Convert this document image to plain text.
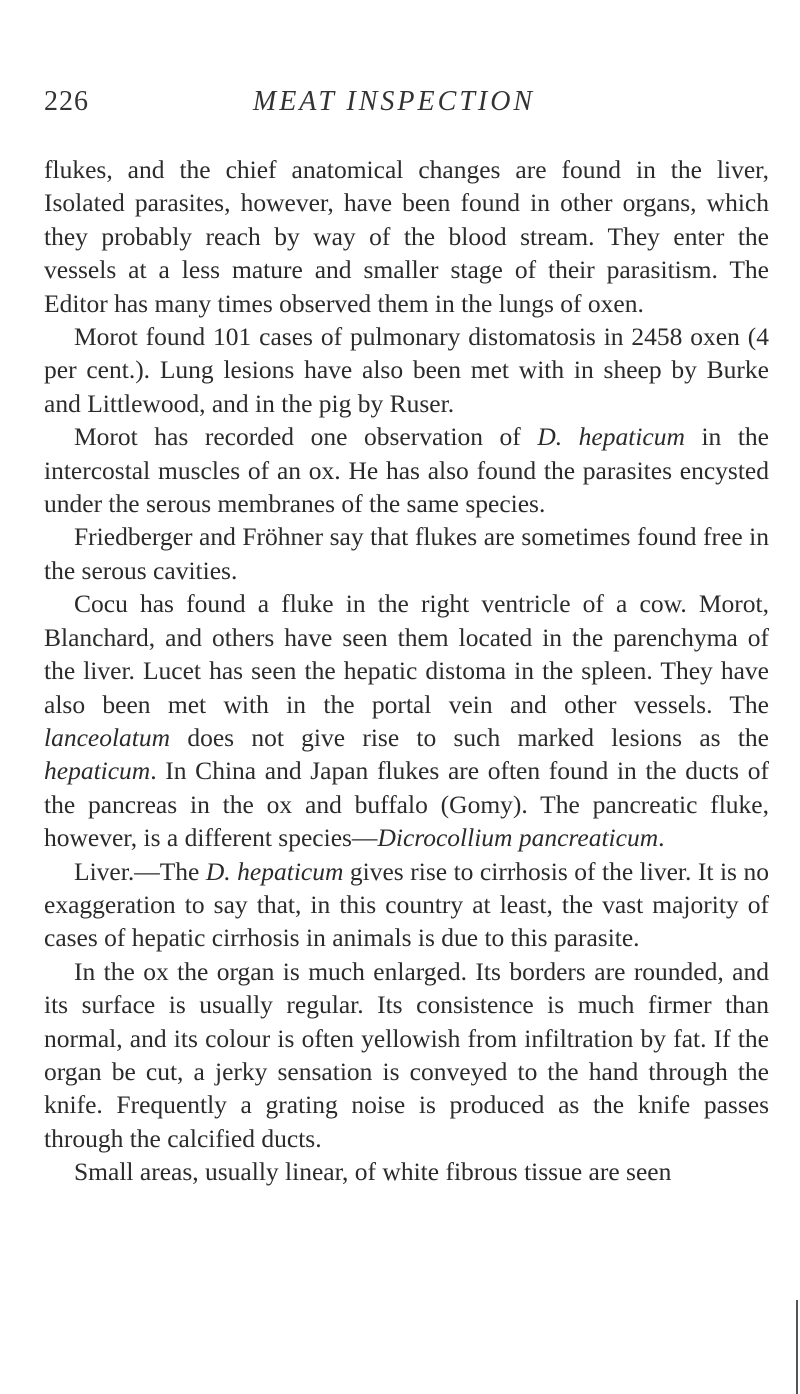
226	MEAT INSPECTION

flukes, and the chief anatomical changes are found in the liver, Isolated parasites, however, have been found in other organs, which they probably reach by way of the blood stream. They enter the vessels at a less mature and smaller stage of their parasitism. The Editor has many times observed them in the lungs of oxen.

Morot found 101 cases of pulmonary distomatosis in 2458 oxen (4 per cent.). Lung lesions have also been met with in sheep by Burke and Littlewood, and in the pig by Ruser.

Morot has recorded one observation of D. hepaticum in the intercostal muscles of an ox. He has also found the parasites encysted under the serous membranes of the same species.

Friedberger and Fröhner say that flukes are sometimes found free in the serous cavities.

Cocu has found a fluke in the right ventricle of a cow. Morot, Blanchard, and others have seen them located in the parenchyma of the liver. Lucet has seen the hepatic distoma in the spleen. They have also been met with in the portal vein and other vessels. The lanceolatum does not give rise to such marked lesions as the hepaticum. In China and Japan flukes are often found in the ducts of the pancreas in the ox and buffalo (Gomy). The pancreatic fluke, however, is a different species—Dicrocollium pancreaticum.

Liver.—The D. hepaticum gives rise to cirrhosis of the liver. It is no exaggeration to say that, in this country at least, the vast majority of cases of hepatic cirrhosis in animals is due to this parasite.

In the ox the organ is much enlarged. Its borders are rounded, and its surface is usually regular. Its consistence is much firmer than normal, and its colour is often yellowish from infiltration by fat. If the organ be cut, a jerky sensation is conveyed to the hand through the knife. Frequently a grating noise is produced as the knife passes through the calcified ducts.

Small areas, usually linear, of white fibrous tissue are seen
